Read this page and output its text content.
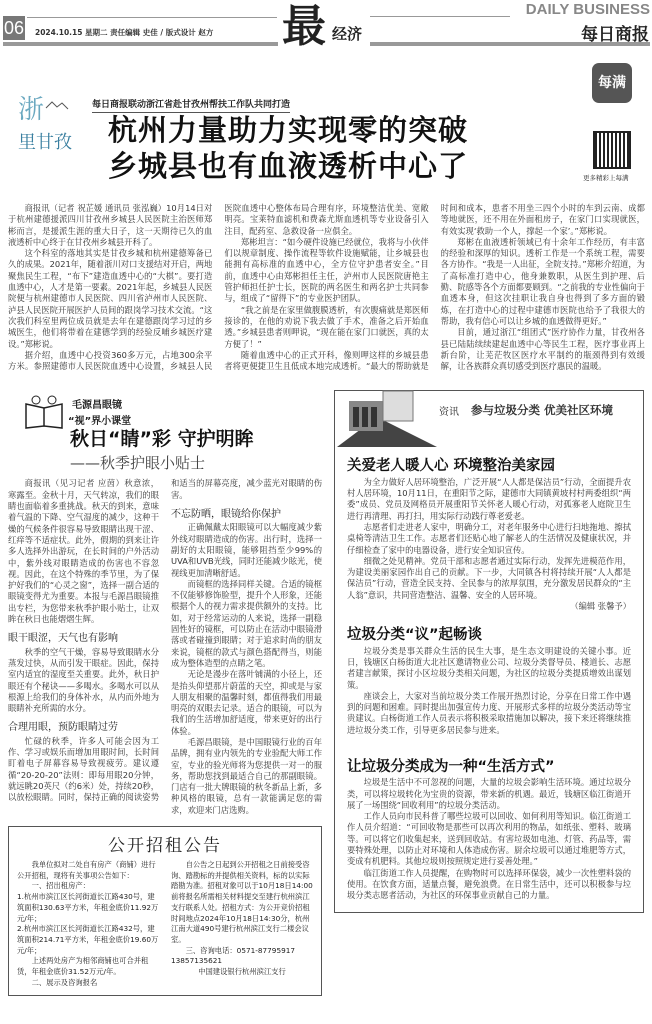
06 2024.10.15 星期二 责任编辑 史佳 / 版式设计 赵方	最 经济
DAILY BUSINESS
每日商报
浙
里甘孜
每日商报联动浙江省赴甘孜州帮扶工作队共同打造
杭州力量助力实现零的突破
乡城县也有血液透析中心了
每满
更多精彩上每满

商报讯（记者 祝芷媛 通讯员 张泓巍）10月14日对于杭州建德援派四川甘孜州乡城县人民医院主治医师郑彬而言，是援派生涯的重大日子，这一天期待已久的血液透析中心终于在甘孜州乡城县开科了。

这个科室的落地其实是甘孜乡城和杭州建德筹备已久的成果。2021年，随着浙川对口支援结对开启，两地聚焦民生工程，“布下”建造血透中心的“大棋”。要打造血透中心，人才是第一要素。2021年起，乡城县人民医院便与杭州建德市人民医院、四川省泸州市人民医院、泸县人民医院开展医护人员间的跟岗学习技术交流。“这次我们科室里两位成员就是去年在建德跟岗学习过的乡城医生，他们将带着在建德学到的经验反哺乡城医疗建设。”郑彬说。

据介绍，血透中心投资360多万元，占地300余平方米。参照建德市人民医院血透中心设置，乡城县人民医院血透中心整体布局合理有序，环境整洁优美、宽敞明亮。宝莱特血滤机和费森尤斯血透机等专业设备引入注目，配药室、急救设备一应俱全。

郑彬坦言：“如今硬件设施已经就位，我将与小伙伴们以规章制度、操作流程等软件设施赋能，让乡城县也能拥有高标准的血透中心，全方位守护患者安全。”目前，血透中心由郑彬担任主任，泸州市人民医院唐艳主管护师担任护士长，医院的两名医生和两名护士共同参与，组成了“留得下”的专业医护团队。

“我之前是在家里做腹膜透析，有次腹痛就是郑医师接诊的，在他的劝说下我去做了手术，准备之后开始血透。”乡城县患者则呷说，“现在能在家门口就医，真的太方便了！”

随着血透中心的正式开科，像则呷这样的乡城县患者将更便捷卫生且低成本地完成透析。“最大的帮助就是时间和成本，患者不用坐三四个小时的车到云南、成都等地就医，还不用在外面租房子，在家门口实现就医，有效实现‘救助一个人，撑起一个家’。”郑彬说。

郑彬在血液透析领域已有十余年工作经历，有丰富的经验和深厚的知识。透析工作是一个系统工程，需要各方协作。“我是一人出征，全院支持。”郑彬介绍道，为了高标准打造中心，他身兼数职，从医生到护理、后勤、院感等各个方面都要顾到。“之前我的专业性偏向于血透本身，但这次挂职让我自身也得到了多方面的锻炼，在打造中心的过程中建德市医院也给予了我很大的帮助，我有信心可以让乡城的血透做得更好。”

目前，通过浙江“组团式”医疗协作力量，甘孜州各县已陆陆续续建起血透中心等民生工程，医疗事业再上新台阶，让芜茫牧区医疗水平制约的瓶颈得到有效缓解，让各族群众真切感受到医疗惠民的温暖。

毛源昌眼镜
“视”界小课堂
秋日“睛”彩 守护明眸
——秋季护眼小贴士

商报讯（见习记者 应茵）秋意浓，寒露至。金秋十月，天气转凉，我们的眼睛也面临着多重挑战。秋天的到来，意味着气温的下降、空气湿度的减少，这种干燥的气候条件很容易导致眼睛出现干涩、红痒等不适症状。此外，假期的到来让许多人选择外出游玩，在长时间的户外活动中，紫外线对眼睛造成的伤害也不容忽视。因此，在这个特殊的季节里，为了保护好我们的“心灵之窗”，选择一副合适的眼镜变得尤为重要。本报与毛源昌眼镜推出专栏，为您带来秋季护眼小贴士，让双眸在秋日也能熠熠生辉。

眼干眼涩，天气也有影响

秋季的空气干燥，容易导致眼睛水分蒸发过快，从而引发干眼症。因此，保持室内适宜的湿度至关重要。此外，秋日护眼还有个秘诀——多喝水。多喝水可以从根源上给我们的身体补水，从内而外地为眼睛补充所需的水分。

合理用眼，预防眼睛过劳

忙碌的秋季，许多人可能会因为工作、学习或娱乐而增加用眼时间，长时间盯着电子屏幕容易导致视疲劳。建议遵循“20-20-20”法则：即每用眼20分钟，就远眺20英尺（约6米）处，持续20秒，以放松眼睛。同时，保持正确的阅读姿势和适当的屏幕亮度，减少蓝光对眼睛的伤害。

不忘防晒，眼镜给你保护

正确佩戴太阳眼镜可以大幅度减少紫外线对眼睛造成的伤害。出行时，选择一副好的太阳眼镜，能够阻挡至少99%的UVA和UVB光线，同时还能减少眩光，使视线更加清晰舒适。

而镜框的选择同样关键。合适的镜框不仅能够修饰脸型，提升个人形象，还能根据个人的视力需求提供额外的支持。比如，对于经常运动的人来说，选择一副稳固性好的镜框，可以防止在活动中眼镜滑落或者碰撞到眼睛；对于追求时尚的朋友来说，镜框的款式与颜色搭配得当，则能成为整体造型的点睛之笔。

无论是漫步在落叶铺满的小径上，还是抬头仰望那片蔚蓝的天空，抑或是与家人朋友相聚的温馨时刻，都值得我们用最明亮的双眼去记录。适合的眼镜，可以为我们的生活增加舒适度，带来更好的出行体验。

毛源昌眼镜，是中国眼镜行业的百年品牌，拥有业内领先的专业验配大师工作室，专业的验光师将为您提供一对一的服务，帮助您找到最适合自己的那副眼镜。门店有一批大牌眼镜的秋冬新品上新，多种风格的眼镜，总有一款能满足您的需求，欢迎来门店选购。

公开招租公告

我单位拟对二处自有房产（商铺）进行公开招租，现将有关事项公告如下：

一、招出租房产：

1.杭州市滨江区长河街道长江路430号，建筑面积130.63平方米，年租金底价11.92万元/年；

2.杭州市滨江区长河街道长江路432号，建筑面积214.71平方米，年租金底价19.60万元/年；

上述两处房产为相邻商铺也可合并租赁，年租金底价31.52万元/年。

二、展示及咨询报名

自公告之日起到公开招租之日前接受咨询、踏勘标的并提供相关资料，标的以实际踏勘为准。招租对象可以于10月18日14:00前将报名所需相关材料提交至建行杭州滨江支行联系人处。招租方式：为公开竞价招租时间地点2024年10月18日14:30分，杭州江南大道490号建行杭州滨江支行二楼会议室。

三、咨询电话：0571-87795917 13857135621

中国建设银行杭州滨江支行

资讯 参与垃圾分类 优美社区环境
关爱老人暖人心 环境整治美家园

为全力做好人居环境整治，广泛开展“人人都是保洁员”行动，全面提升农村人居环境，10月11日，在重阳节之际，建德市大同镇黄坡村村两委组织“两委”成员、党员及网格员开展重阳节关怀老人暖心行动，对孤寡老人庭院卫生进行再清理、再打扫，用实际行动践行尊老爱老。

志愿者们走进老人家中，明确分工，对老年服务中心进行扫地拖地、擦拭桌椅等清洁卫生工作。志愿者们还贴心地了解老人的生活情况及健康状况，并仔细检查了家中的电器设备，进行安全知识宣传。

细微之处见精神。党员干部和志愿者通过实际行动，发挥先进模范作用，为建设美丽家园作出自己的贡献。下一步，大同镇各村将持续开展“人人都是保洁员”行动，营造全民支持、全民参与的浓厚氛围，充分激发居民群众的“主人翁”意识，共同营造整洁、温馨、安全的人居环境。

（编辑 张馨予）
垃圾分类“议”起畅谈

垃圾分类是事关群众生活的民生大事，是生态文明建设的关键小事。近日，钱塘区白杨街道大北社区邀请物业公司、垃圾分类督导员、楼道长、志愿者建言献策，探讨小区垃圾分类相关问题，为社区的垃圾分类提质增效出谋划策。

座谈会上，大家对当前垃圾分类工作展开热烈讨论，分享在日常工作中遇到的问题和困难。同时提出加强宣传力度、开展形式多样的垃圾分类活动等宝贵建议。白杨街道工作人员表示将积极采取措施加以解决，接下来还将继续推进垃圾分类工作，引导更多居民参与进来。

让垃圾分类成为一种“生活方式”

垃圾是生活中不可忽视的问题，大量的垃圾会影响生活环境。通过垃圾分类，可以将垃圾转化为宝贵的资源，带来新的机遇。最近，钱塘区临江街道开展了一场围绕“回收利用”的垃圾分类活动。

工作人员向市民科普了哪些垃圾可以回收、如何利用等知识。临江街道工作人员介绍道：“可回收物是那些可以再次利用的物品，如纸张、塑料、玻璃等。可以将它们收集起来，送到回收站。有害垃圾如电池、灯管、药品等，需要特殊处理，以防止对环境和人体造成伤害。厨余垃圾可以通过堆肥等方式，变成有机肥料。其他垃圾则按照规定进行妥善处理。”

临江街道工作人员提醒，在购物时可以选择环保袋，减少一次性塑料袋的使用。在饮食方面，适量点餐，避免浪费。在日常生活中，还可以积极参与垃圾分类志愿者活动，为社区的环保事业贡献自己的力量。
